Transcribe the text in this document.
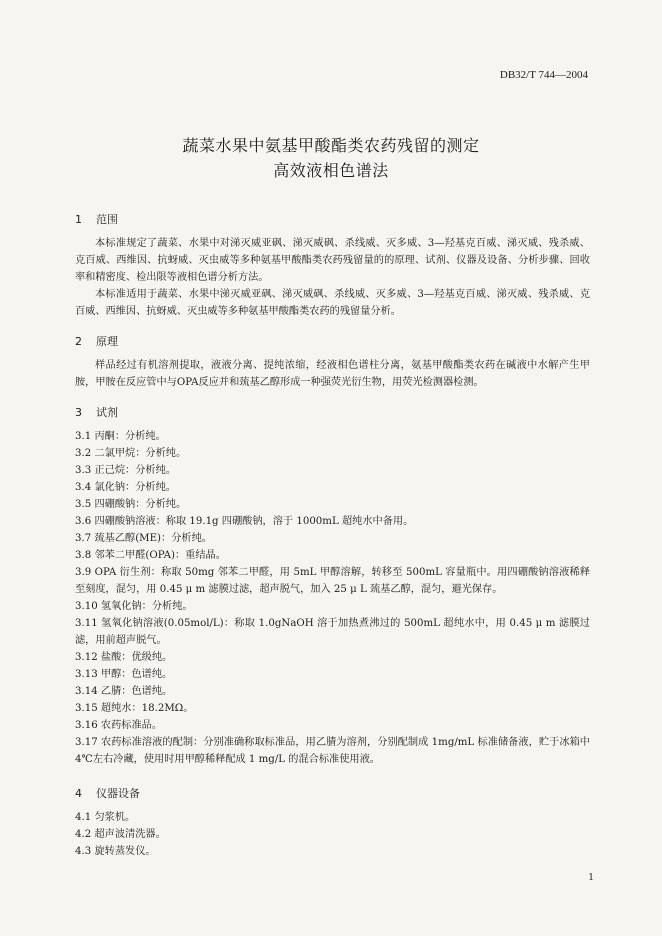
DB32/T 744—2004
蔬菜水果中氨基甲酸酯类农药残留的测定
高效液相色谱法
1 范围
本标准规定了蔬菜、水果中对涕灭威亚砜、涕灭威砜、杀线威、灭多威、3—羟基克百威、涕灭威、残杀威、克百威、西维因、抗蚜威、灭虫威等多种氨基甲酸酯类农药残留量的的原理、试剂、仪器及设备、分析步骤、回收率和精密度、检出限等液相色谱分析方法。
本标准适用于蔬菜、水果中涕灭威亚砜、涕灭威砜、杀线威、灭多威、3—羟基克百威、涕灭威、残杀威、克百威、西维因、抗蚜威、灭虫威等多种氨基甲酸酯类农药的残留量分析。
2 原理
样品经过有机溶剂提取，液液分离、提纯浓缩，经液相色谱柱分离，氨基甲酸酯类农药在碱液中水解产生甲胺，甲胺在反应管中与OPA反应并和巯基乙醇形成一种强荧光衍生物，用荧光检测器检测。
3 试剂
3.1 丙酮：分析纯。
3.2 二氯甲烷：分析纯。
3.3 正己烷：分析纯。
3.4 氯化钠：分析纯。
3.5 四硼酸钠：分析纯。
3.6 四硼酸钠溶液：称取 19.1g 四硼酸钠，溶于 1000mL 超纯水中备用。
3.7 巯基乙醇(ME)：分析纯。
3.8 邻苯二甲醛(OPA)：重结晶。
3.9 OPA 衍生剂：称取 50mg 邻苯二甲醛，用 5mL 甲醇溶解，转移至 500mL 容量瓶中。用四硼酸钠溶液稀释至刻度，混匀，用 0.45 μ m 滤膜过滤，超声脱气，加入 25 μ L 巯基乙醇，混匀，避光保存。
3.10 氢氧化钠：分析纯。
3.11 氢氧化钠溶液(0.05mol/L)：称取 1.0gNaOH 溶于加热煮沸过的 500mL 超纯水中，用 0.45 μ m 滤膜过滤，用前超声脱气。
3.12 盐酸：优级纯。
3.13 甲醇：色谱纯。
3.14 乙腈：色谱纯。
3.15 超纯水：18.2MΩ。
3.16 农药标准品。
3.17 农药标准溶液的配制：分别准确称取标准品，用乙腈为溶剂，分别配制成 1mg/mL 标准储备液，贮于冰箱中 4℃左右冷藏，使用时用甲醇稀释配成 1 mg/L 的混合标准使用液。
4 仪器设备
4.1 匀浆机。
4.2 超声波清洗器。
4.3 旋转蒸发仪。
1
